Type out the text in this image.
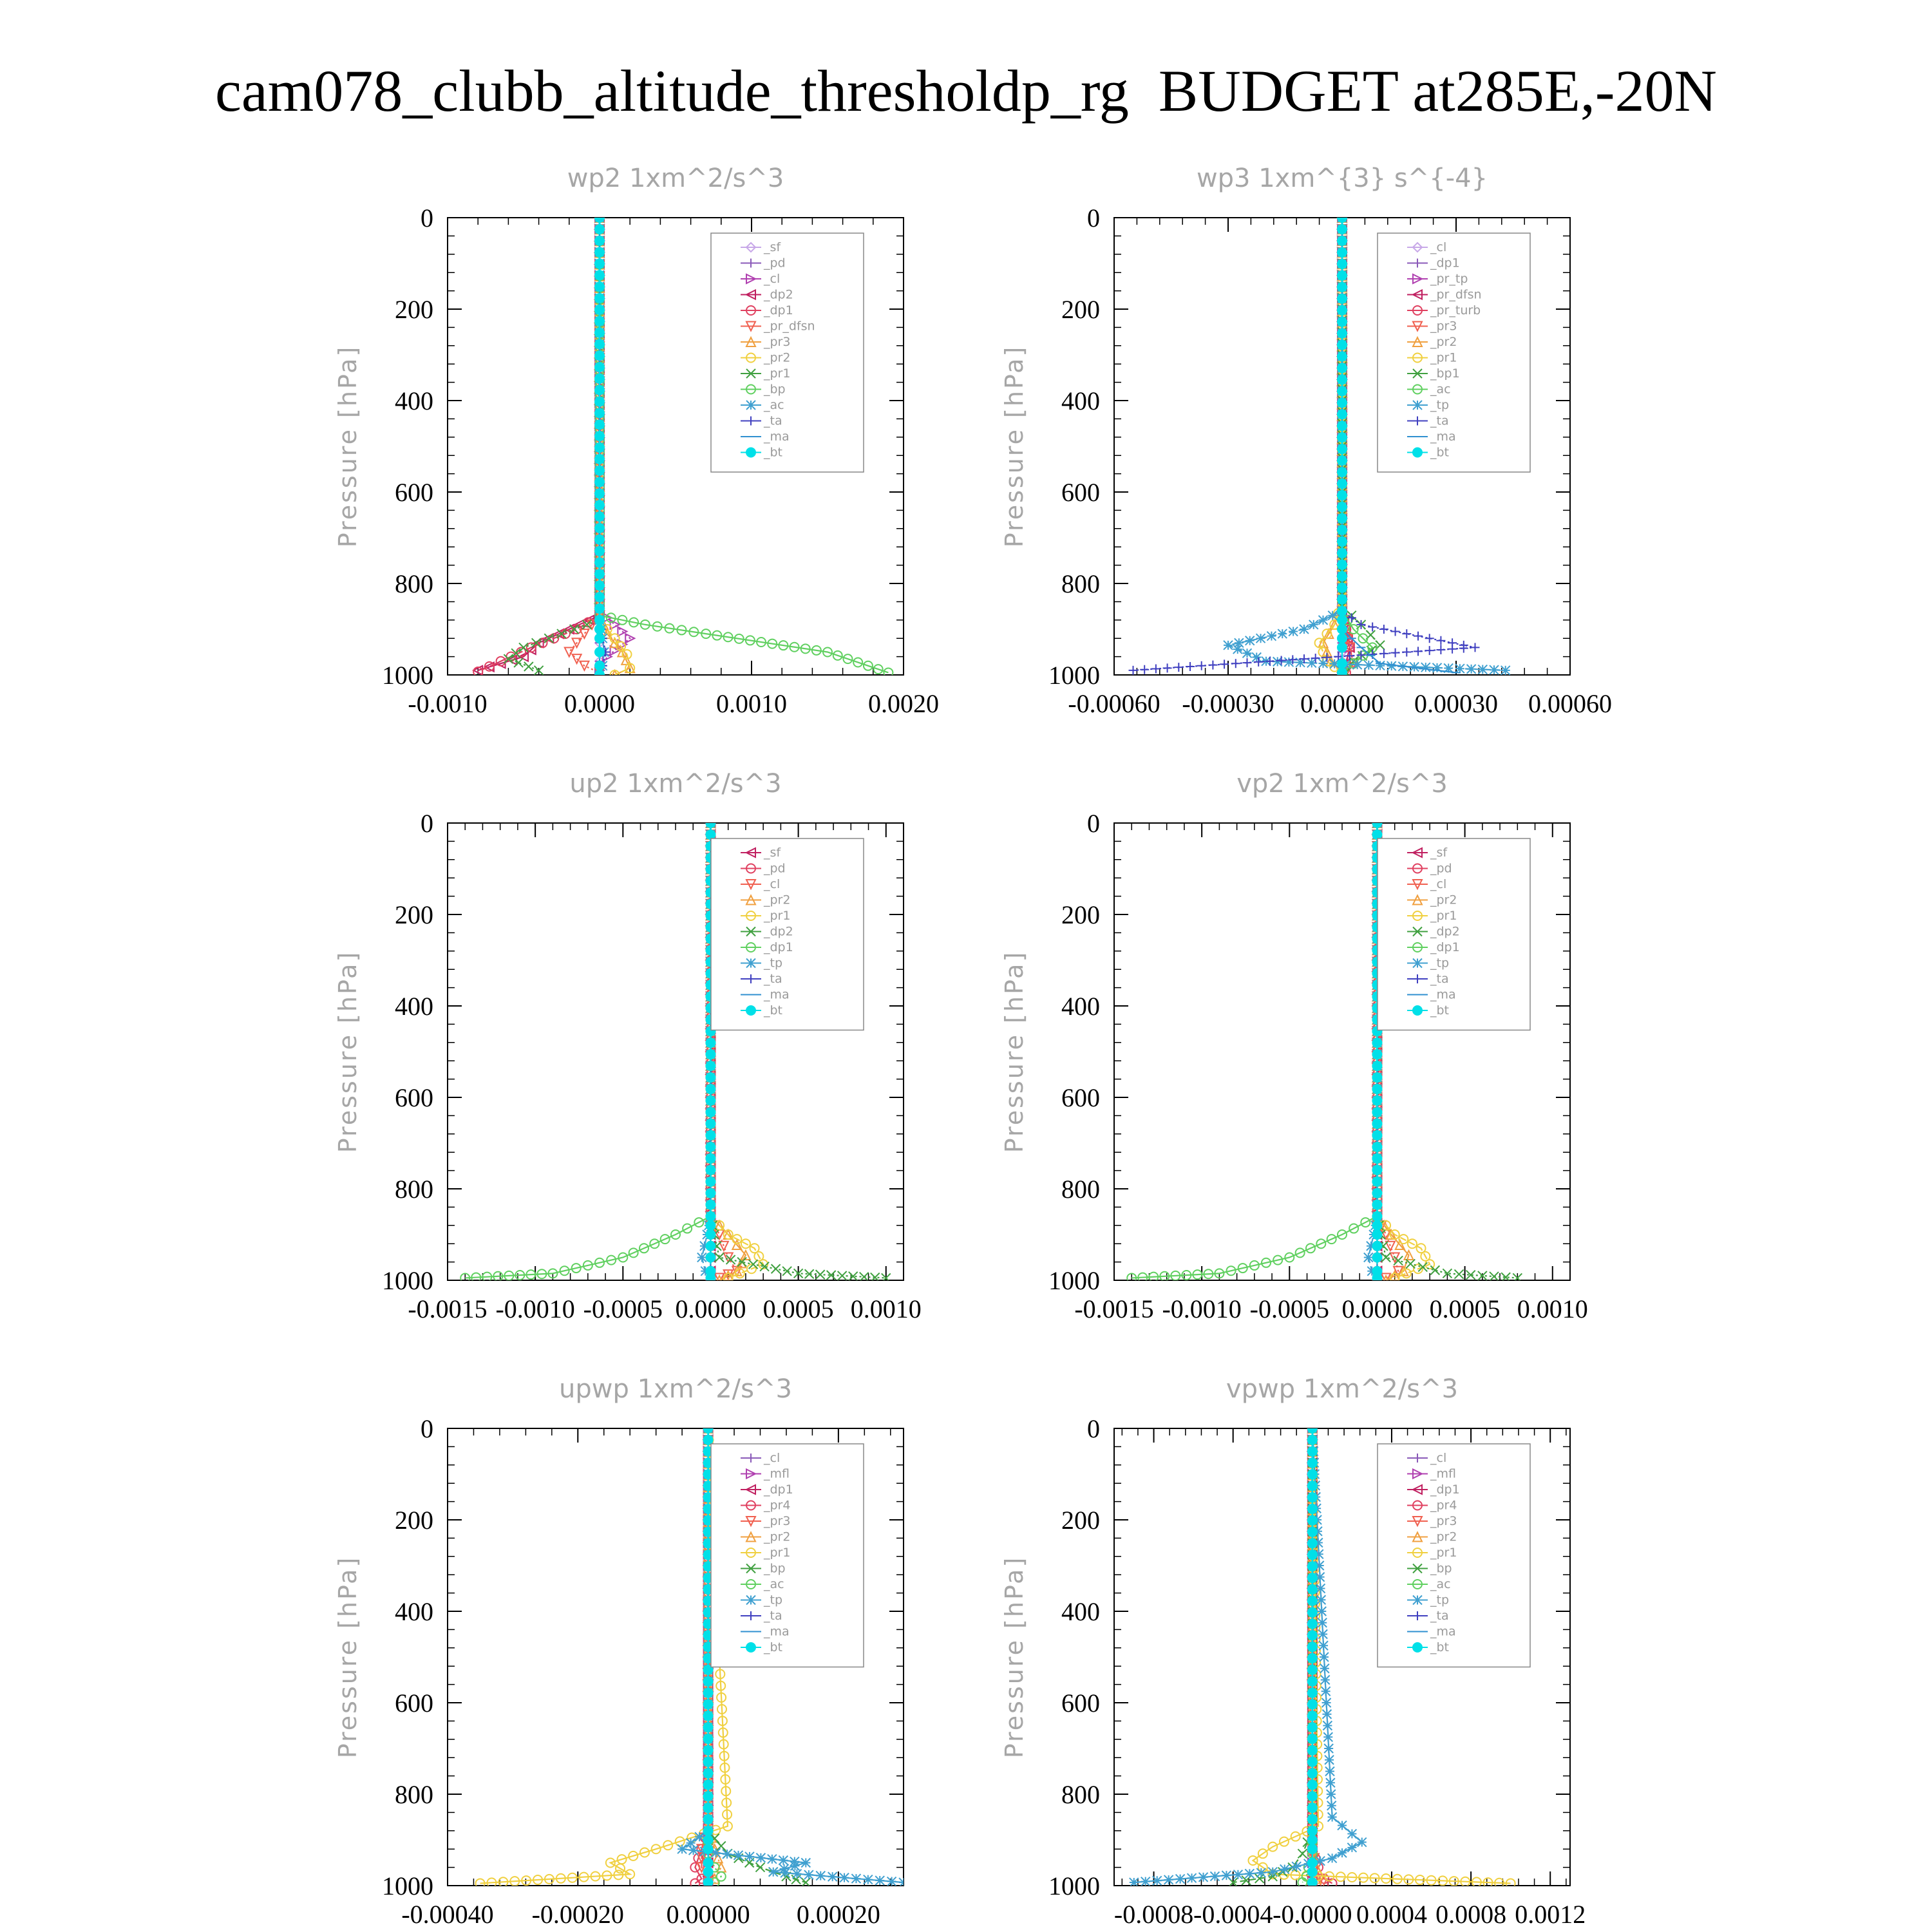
cam078_clubb_altitude_thresholdp_rg  BUDGET at285E,-20N
wp2 1xm^2/s^3
Pressure [hPa]
0
200
400
600
800
1000
-0.0010	0.0000	0.0010	0.0020
_sf
_pd
_cl
_dp2
_dp1
_pr_dfsn
_pr3
_pr2
_pr1
_bp
_ac
_ta
_ma
_bt
wp3 1xm^{3} s^{-4}
Pressure [hPa]
0
200
400
600
800
1000
-0.00060 -0.00030 0.00000 0.00030 0.00060
_cl
_dp1
_pr_tp
_pr_dfsn
_pr_turb
_pr3
_pr2
_pr1
_bp1
_ac
_tp
_ta
_ma
_bt
up2 1xm^2/s^3
Pressure [hPa]
0
200
400
600
800
1000
-0.0015 -0.0010 -0.0005 0.0000 0.0005 0.0010
_sf
_pd
_cl
_pr2
_pr1
_dp2
_dp1
_tp
_ta
_ma
_bt
vp2 1xm^2/s^3
Pressure [hPa]
0
200
400
600
800
1000
-0.0015 -0.0010 -0.0005 0.0000 0.0005 0.0010
_sf
_pd
_cl
_pr2
_pr1
_dp2
_dp1
_tp
_ta
_ma
_bt
upwp 1xm^2/s^3
Pressure [hPa]
0
200
400
600
800
1000
-0.00040 -0.00020 0.00000 0.00020
_cl
_mfl
_dp1
_pr4
_pr3
_pr2
_pr1
_bp
_ac
_tp
_ta
_ma
_bt
vpwp 1xm^2/s^3
Pressure [hPa]
0
200
400
600
800
1000
-0.0008 -0.0004 -0.0000 0.0004 0.0008 0.0012
_cl
_mfl
_dp1
_pr4
_pr3
_pr2
_pr1
_bp
_ac
_tp
_ta
_ma
_bt
